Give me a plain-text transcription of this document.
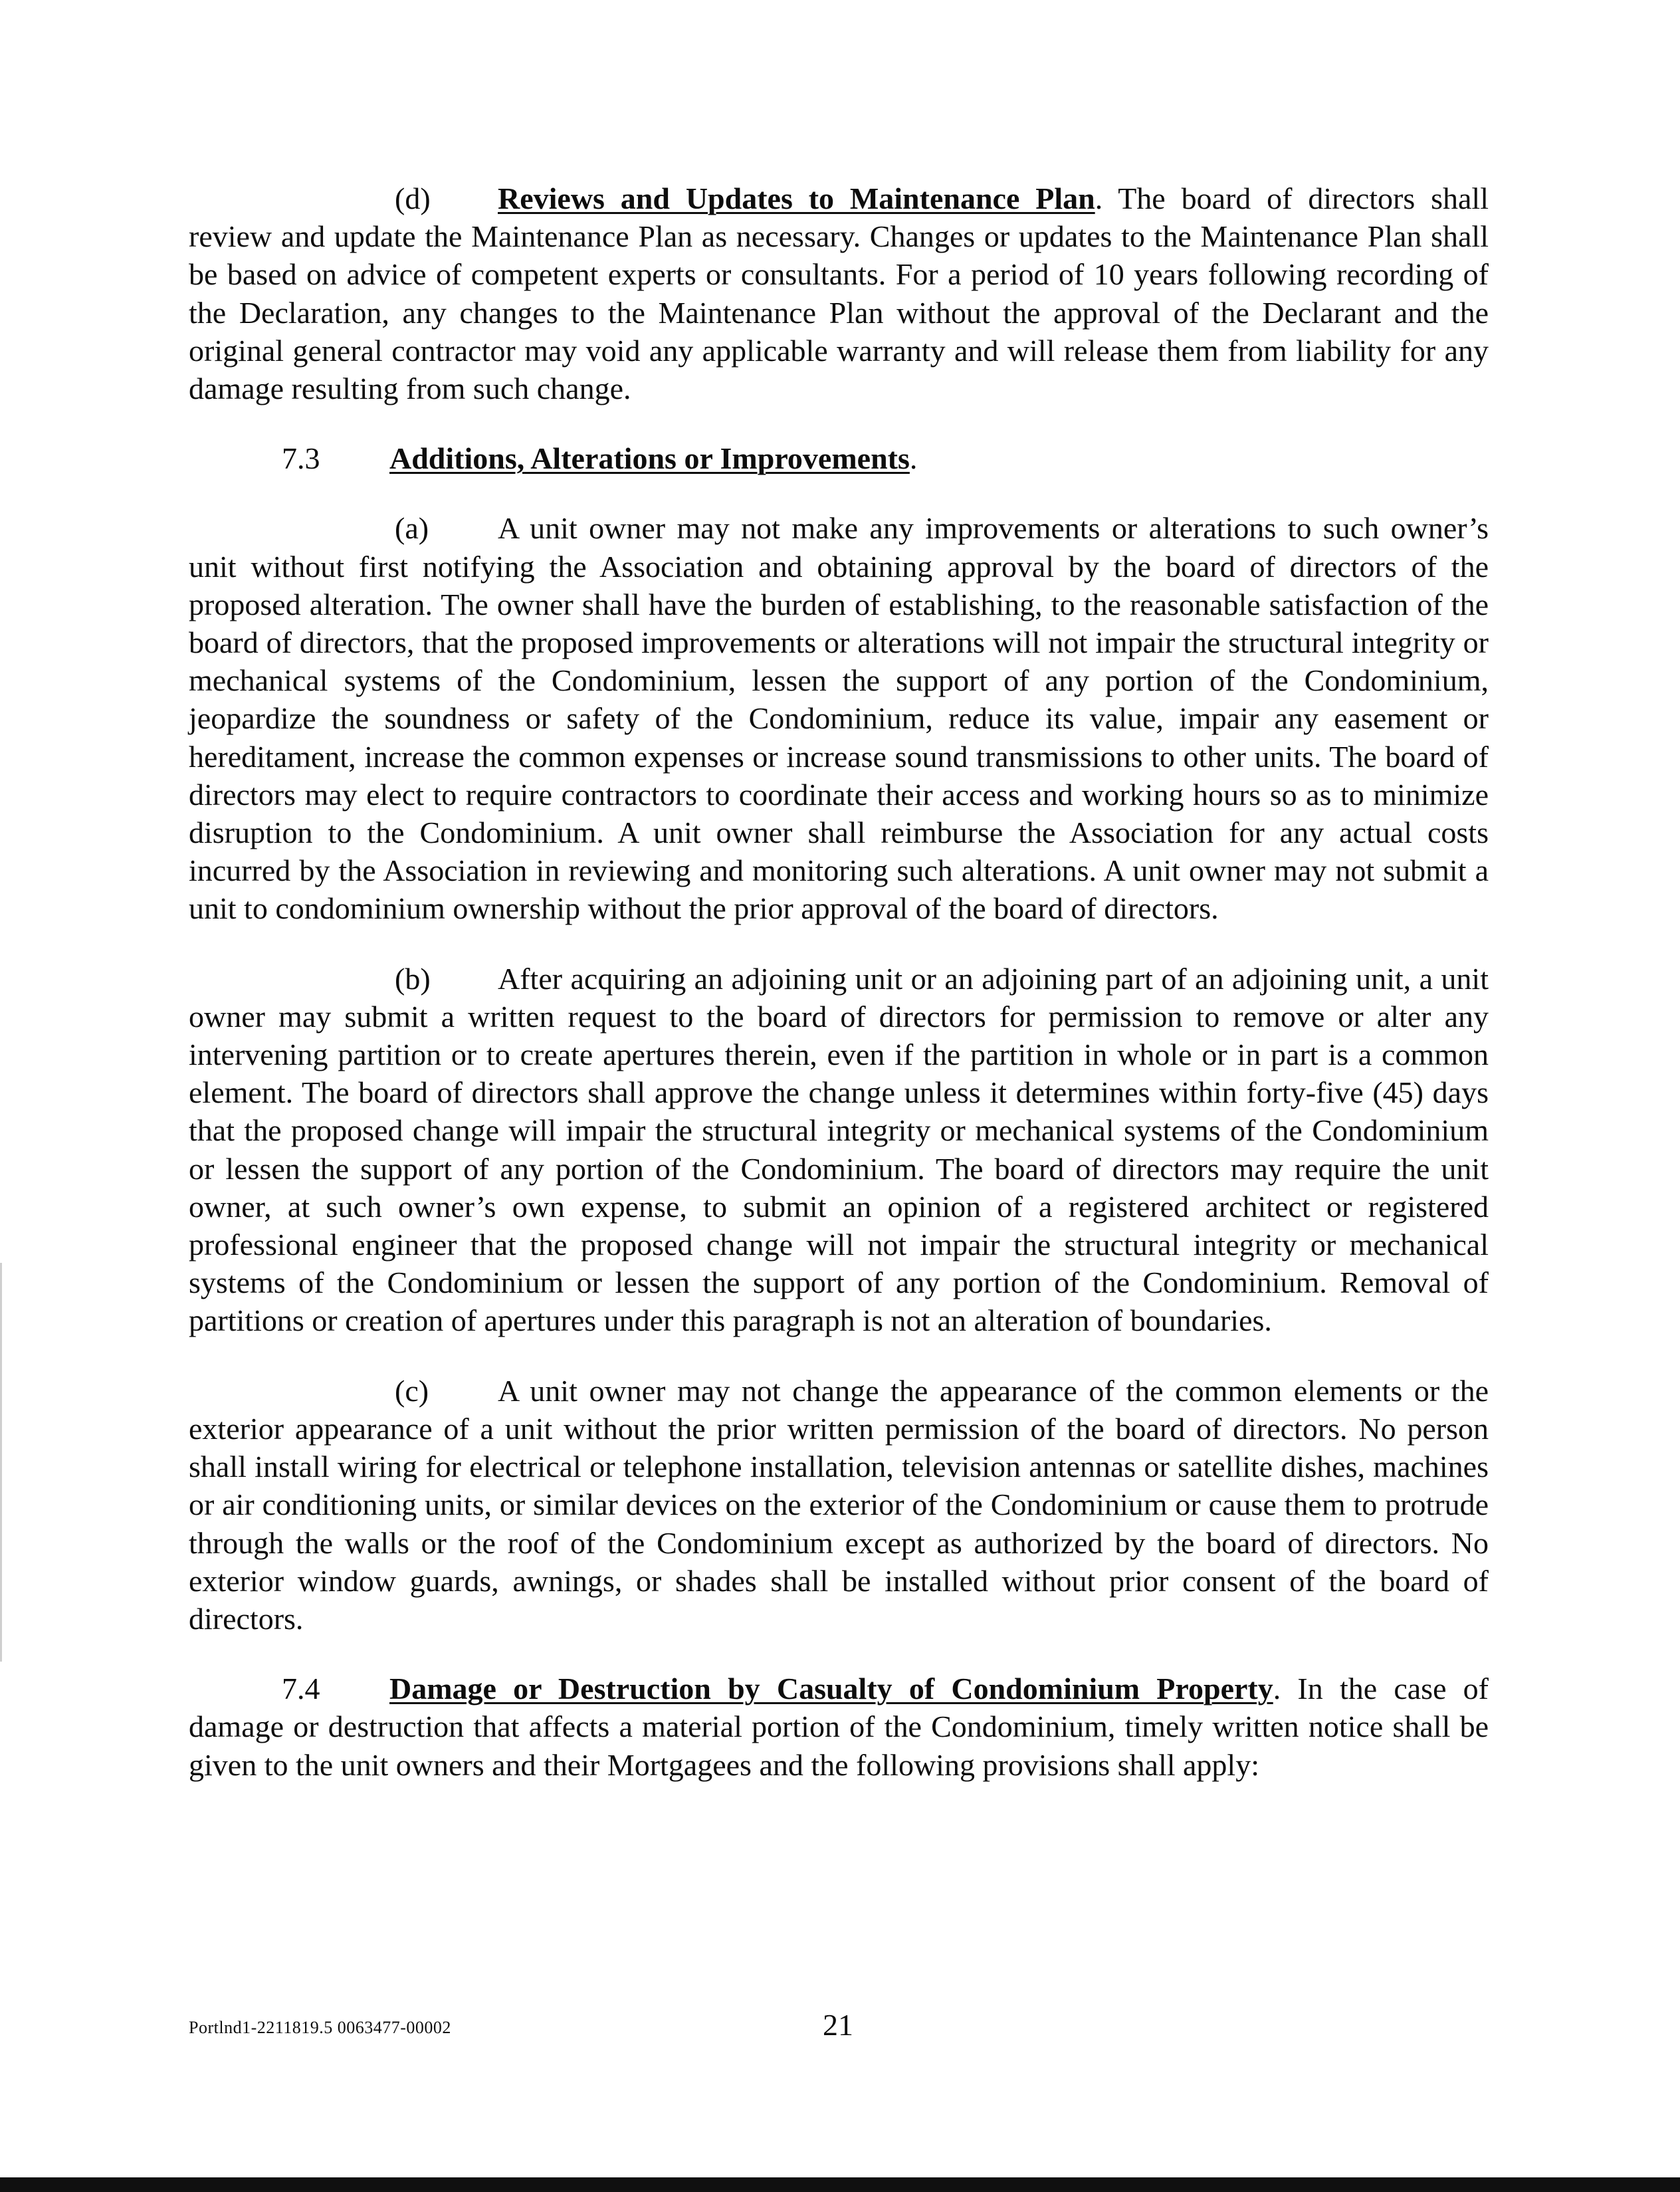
(d) Reviews and Updates to Maintenance Plan. The board of directors shall review and update the Maintenance Plan as necessary. Changes or updates to the Maintenance Plan shall be based on advice of competent experts or consultants. For a period of 10 years following recording of the Declaration, any changes to the Maintenance Plan without the approval of the Declarant and the original general contractor may void any applicable warranty and will release them from liability for any damage resulting from such change.

7.3 Additions, Alterations or Improvements.

(a) A unit owner may not make any improvements or alterations to such owner’s unit without first notifying the Association and obtaining approval by the board of directors of the proposed alteration. The owner shall have the burden of establishing, to the reasonable satisfaction of the board of directors, that the proposed improvements or alterations will not impair the structural integrity or mechanical systems of the Condominium, lessen the support of any portion of the Condominium, jeopardize the soundness or safety of the Condominium, reduce its value, impair any easement or hereditament, increase the common expenses or increase sound transmissions to other units. The board of directors may elect to require contractors to coordinate their access and working hours so as to minimize disruption to the Condominium. A unit owner shall reimburse the Association for any actual costs incurred by the Association in reviewing and monitoring such alterations. A unit owner may not submit a unit to condominium ownership without the prior approval of the board of directors.

(b) After acquiring an adjoining unit or an adjoining part of an adjoining unit, a unit owner may submit a written request to the board of directors for permission to remove or alter any intervening partition or to create apertures therein, even if the partition in whole or in part is a common element. The board of directors shall approve the change unless it determines within forty-five (45) days that the proposed change will impair the structural integrity or mechanical systems of the Condominium or lessen the support of any portion of the Condominium. The board of directors may require the unit owner, at such owner’s own expense, to submit an opinion of a registered architect or registered professional engineer that the proposed change will not impair the structural integrity or mechanical systems of the Condominium or lessen the support of any portion of the Condominium. Removal of partitions or creation of apertures under this paragraph is not an alteration of boundaries.

(c) A unit owner may not change the appearance of the common elements or the exterior appearance of a unit without the prior written permission of the board of directors. No person shall install wiring for electrical or telephone installation, television antennas or satellite dishes, machines or air conditioning units, or similar devices on the exterior of the Condominium or cause them to protrude through the walls or the roof of the Condominium except as authorized by the board of directors. No exterior window guards, awnings, or shades shall be installed without prior consent of the board of directors.

7.4 Damage or Destruction by Casualty of Condominium Property. In the case of damage or destruction that affects a material portion of the Condominium, timely written notice shall be given to the unit owners and their Mortgagees and the following provisions shall apply:

Portlnd1-2211819.5 0063477-00002	21
